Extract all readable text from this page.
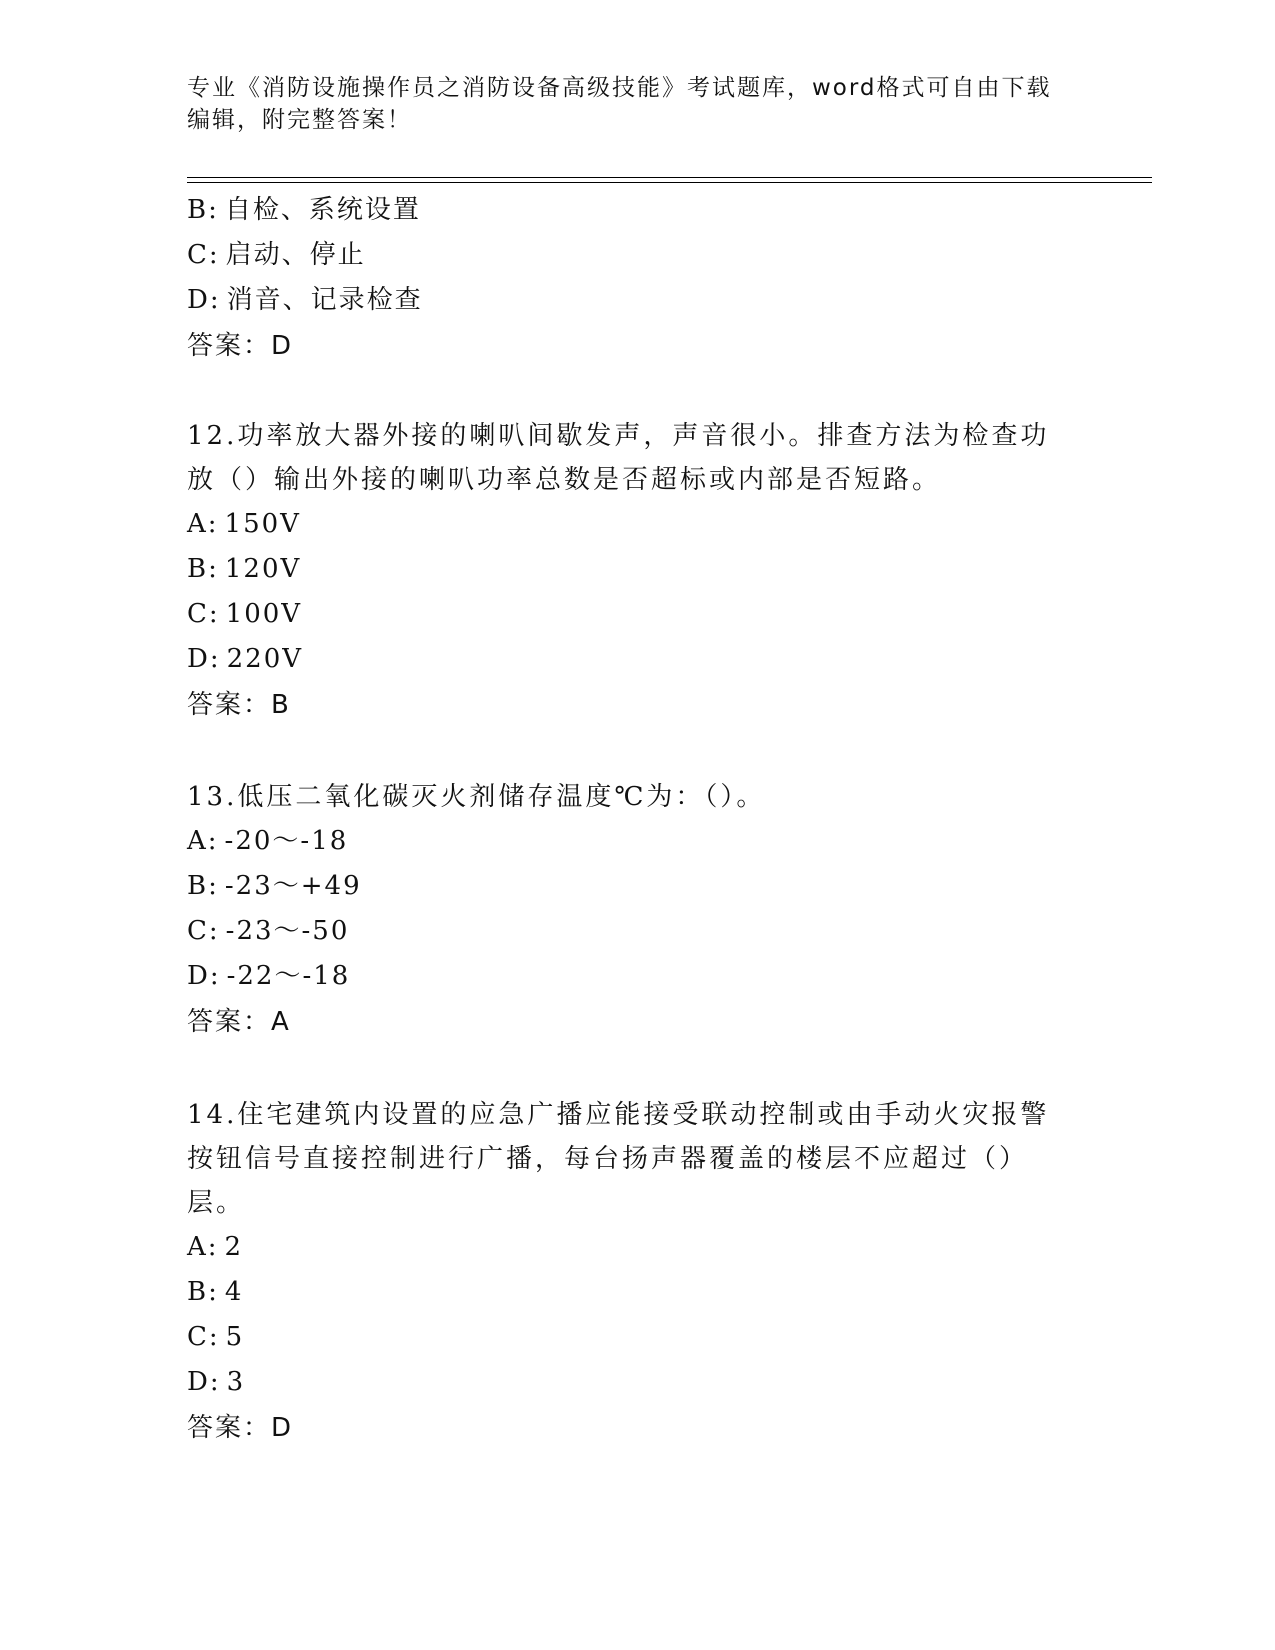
专业《消防设施操作员之消防设备高级技能》考试题库，word格式可自由下载编辑，附完整答案！
B: 自检、系统设置
C: 启动、停止
D: 消音、记录检查
答案：D
12.功率放大器外接的喇叭间歇发声，声音很小。排查方法为检查功放（）输出外接的喇叭功率总数是否超标或内部是否短路。
A: 150V
B: 120V
C: 100V
D: 220V
答案：B
13.低压二氧化碳灭火剂储存温度℃为：（）。
A: -20～-18
B: -23～+49
C: -23～-50
D: -22～-18
答案：A
14.住宅建筑内设置的应急广播应能接受联动控制或由手动火灾报警按钮信号直接控制进行广播，每台扬声器覆盖的楼层不应超过（）层。
A: 2
B: 4
C: 5
D: 3
答案：D
